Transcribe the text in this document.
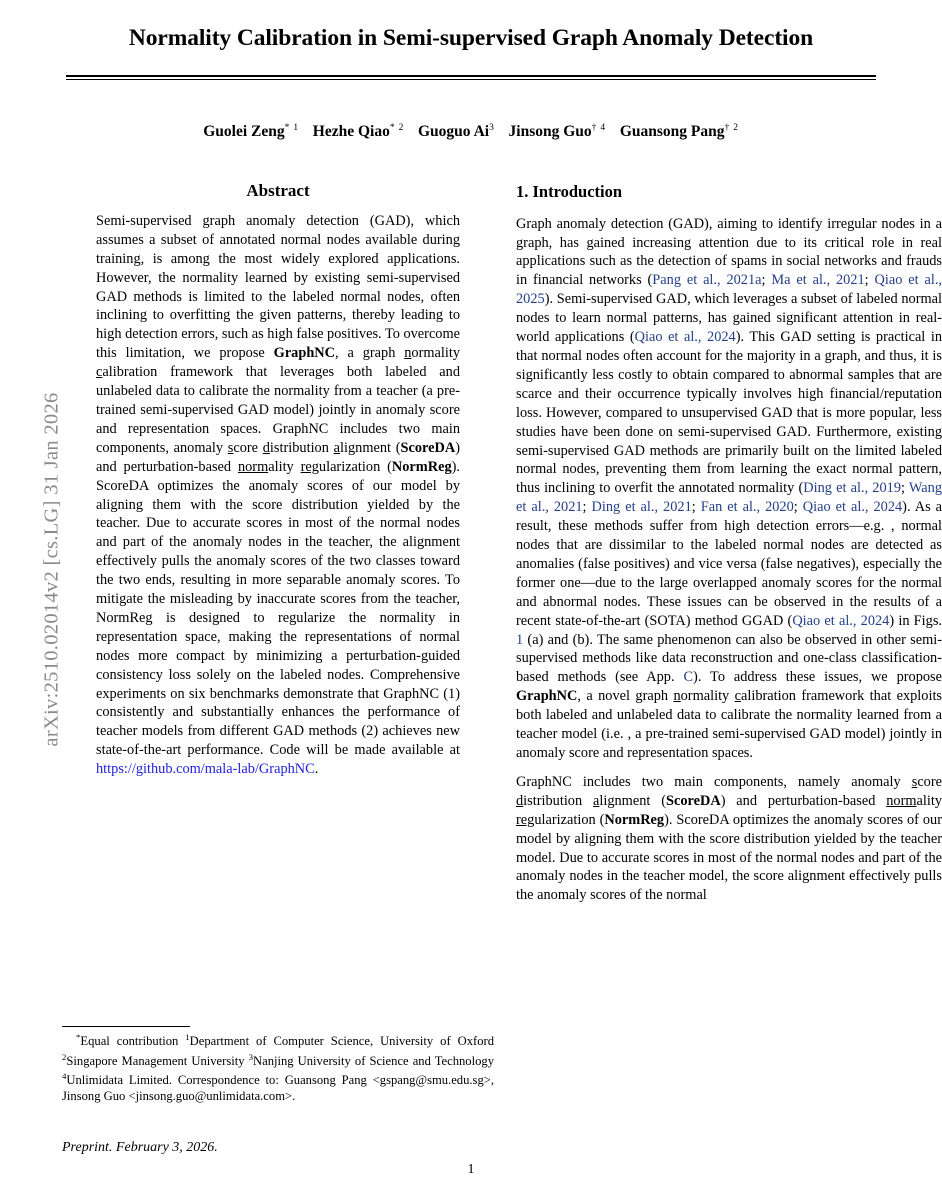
arXiv:2510.02014v2 [cs.LG] 31 Jan 2026
Normality Calibration in Semi-supervised Graph Anomaly Detection
Guolei Zeng$^{* 1}$ Hezhe Qiao$^{* 2}$ Guoguo Ai$^3$ Jinsong Guo$^{\dagger 4}$ Guansong Pang$^{\dagger 2}$
Abstract

Semi-supervised graph anomaly detection (GAD), which assumes a subset of annotated normal nodes available during training, is among the most widely explored applications. However, the normality learned by existing semi-supervised GAD methods is limited to the labeled normal nodes, often inclining to overfitting the given patterns, thereby leading to high detection errors, such as high false positives. To overcome this limitation, we propose GraphNC, a graph normality calibration framework that leverages both labeled and unlabeled data to calibrate the normality from a teacher (a pre-trained semi-supervised GAD model) jointly in anomaly score and representation spaces. GraphNC includes two main components, anomaly score distribution alignment (ScoreDA) and perturbation-based normality regularization (NormReg). ScoreDA optimizes the anomaly scores of our model by aligning them with the score distribution yielded by the teacher. Due to accurate scores in most of the normal nodes and part of the anomaly nodes in the teacher, the alignment effectively pulls the anomaly scores of the two classes toward the two ends, resulting in more separable anomaly scores. To mitigate the misleading by inaccurate scores from the teacher, NormReg is designed to regularize the normality in representation space, making the representations of normal nodes more compact by minimizing a perturbation-guided consistency loss solely on the labeled nodes. Comprehensive experiments on six benchmarks demonstrate that GraphNC (1) consistently and substantially enhances the performance of teacher models from different GAD methods (2) achieves new state-of-the-art performance. Code will be made available at https://github.com/mala-lab/GraphNC.

1. Introduction

Graph anomaly detection (GAD), aiming to identify irregular nodes in a graph, has gained increasing attention due to its critical role in real applications such as the detection of spams in social networks and frauds in financial networks (Pang et al., 2021a; Ma et al., 2021; Qiao et al., 2025). Semi-supervised GAD, which leverages a subset of labeled normal nodes to learn normal patterns, has gained significant attention in real-world applications (Qiao et al., 2024). This GAD setting is practical in that normal nodes often account for the majority in a graph, and thus, it is significantly less costly to obtain compared to abnormal samples that are scarce and their occurrence typically involves high financial/reputation loss. However, compared to unsupervised GAD that is more popular, less studies have been done on semi-supervised GAD. Furthermore, existing semi-supervised GAD methods are primarily built on the limited labeled normal nodes, preventing them from learning the exact normal pattern, thus inclining to overfit the annotated normality (Ding et al., 2019; Wang et al., 2021; Ding et al., 2021; Fan et al., 2020; Qiao et al., 2024). As a result, these methods suffer from high detection errors—e.g. , normal nodes that are dissimilar to the labeled normal nodes are detected as anomalies (false positives) and vice versa (false negatives), especially the former one—due to the large overlapped anomaly scores for the normal and abnormal nodes. These issues can be observed in the results of a recent state-of-the-art (SOTA) method GGAD (Qiao et al., 2024) in Figs. 1 (a) and (b). The same phenomenon can also be observed in other semi-supervised methods like data reconstruction and one-class classification-based methods (see App. C). To address these issues, we propose GraphNC, a novel graph normality calibration framework that exploits both labeled and unlabeled data to calibrate the normality learned from a teacher model (i.e. , a pre-trained semi-supervised GAD model) jointly in anomaly score and representation spaces.

GraphNC includes two main components, namely anomaly score distribution alignment (ScoreDA) and perturbation-based normality regularization (NormReg). ScoreDA optimizes the anomaly scores of our model by aligning them with the score distribution yielded by the teacher model. Due to accurate scores in most of the normal nodes and part of the anomaly nodes in the teacher model, the score alignment effectively pulls the anomaly scores of the normal

*Equal contribution $^1$Department of Computer Science, University of Oxford $^2$Singapore Management University $^3$Nanjing University of Science and Technology $^4$Unlimidata Limited. Correspondence to: Guansong Pang <gspang@smu.edu.sg>, Jinsong Guo <jinsong.guo@unlimidata.com>.
Preprint. February 3, 2026.
1
